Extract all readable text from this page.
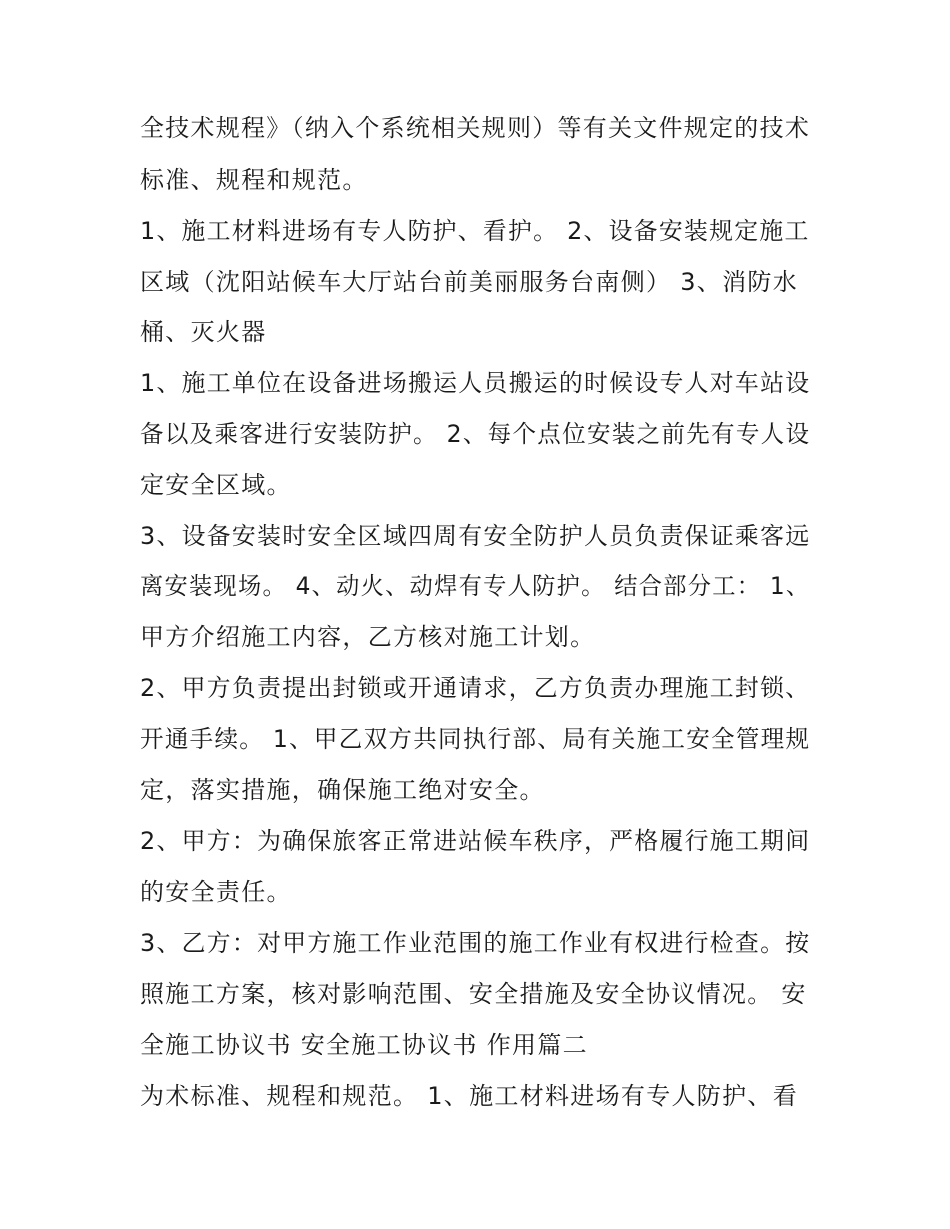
全技术规程》（纳入个系统相关规则）等有关文件规定的技术
标准、规程和规范。
1、施工材料进场有专人防护、看护。 2、设备安装规定施工
区域（沈阳站候车大厅站台前美丽服务台南侧） 3、消防水
桶、灭火器
1、施工单位在设备进场搬运人员搬运的时候设专人对车站设
备以及乘客进行安装防护。 2、每个点位安装之前先有专人设
定安全区域。
3、设备安装时安全区域四周有安全防护人员负责保证乘客远
离安装现场。 4、动火、动焊有专人防护。 结合部分工： 1、
甲方介绍施工内容，乙方核对施工计划。
2、甲方负责提出封锁或开通请求，乙方负责办理施工封锁、
开通手续。 1、甲乙双方共同执行部、局有关施工安全管理规
定，落实措施，确保施工绝对安全。
2、甲方：为确保旅客正常进站候车秩序，严格履行施工期间
的安全责任。
3、乙方：对甲方施工作业范围的施工作业有权进行检查。按
照施工方案，核对影响范围、安全措施及安全协议情况。 安
全施工协议书 安全施工协议书 作用篇二
为术标准、规程和规范。 1、施工材料进场有专人防护、看
